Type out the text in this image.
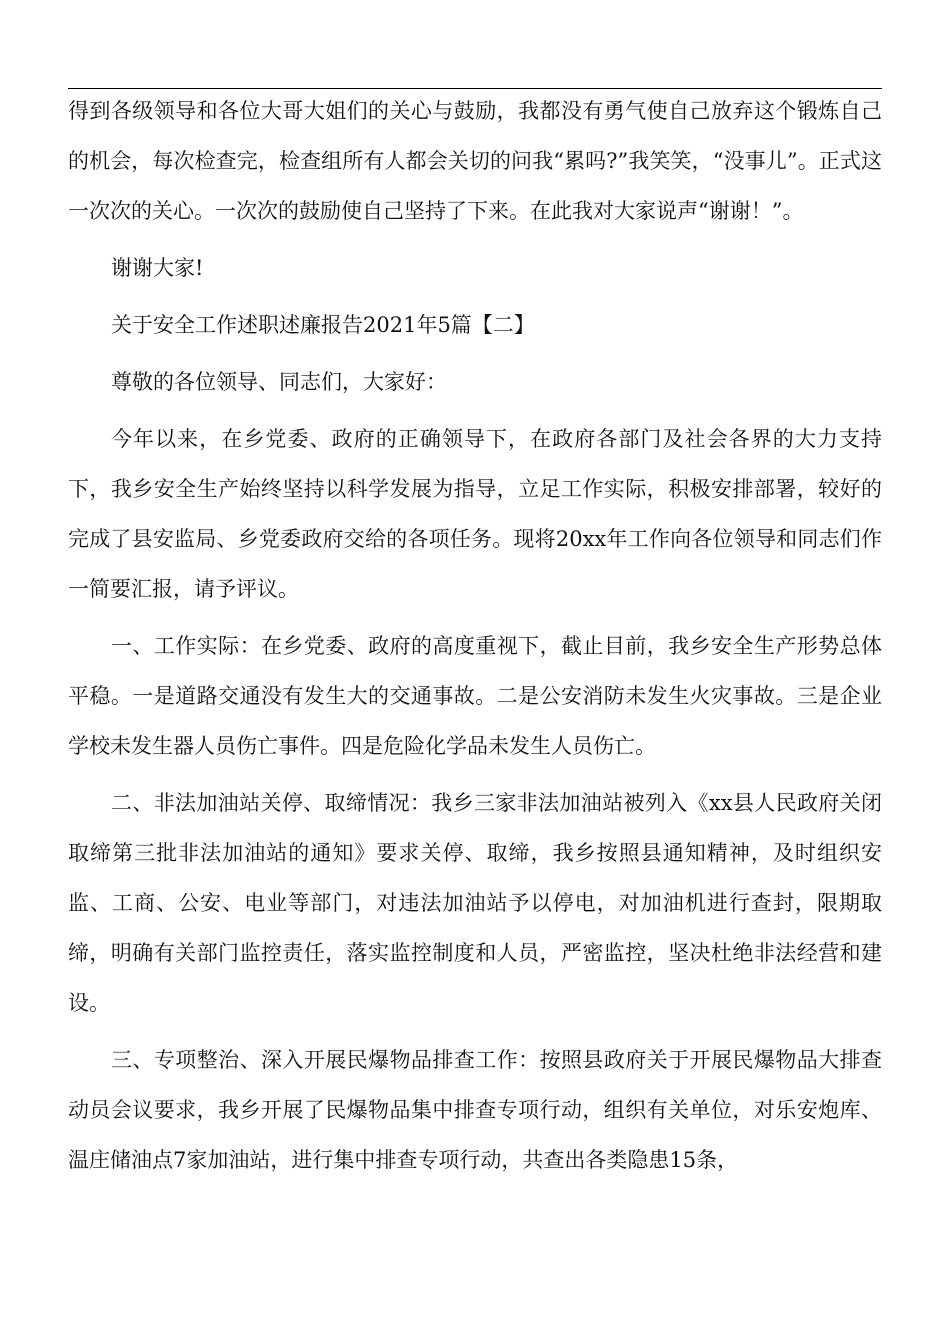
得到各级领导和各位大哥大姐们的关心与鼓励，我都没有勇气使自己放弃这个锻炼自己的机会，每次检查完，检查组所有人都会关切的问我“累吗?”我笑笑，“没事儿”。正式这一次次的关心。一次次的鼓励使自己坚持了下来。在此我对大家说声“谢谢！”。

谢谢大家!

关于安全工作述职述廉报告2021年5篇【二】

尊敬的各位领导、同志们，大家好：

今年以来，在乡党委、政府的正确领导下，在政府各部门及社会各界的大力支持下，我乡安全生产始终坚持以科学发展为指导，立足工作实际，积极安排部署，较好的完成了县安监局、乡党委政府交给的各项任务。现将20xx年工作向各位领导和同志们作一简要汇报，请予评议。

一、工作实际：在乡党委、政府的高度重视下，截止目前，我乡安全生产形势总体平稳。一是道路交通没有发生大的交通事故。二是公安消防未发生火灾事故。三是企业学校未发生器人员伤亡事件。四是危险化学品未发生人员伤亡。

二、非法加油站关停、取缔情况：我乡三家非法加油站被列入《xx县人民政府关闭取缔第三批非法加油站的通知》要求关停、取缔，我乡按照县通知精神，及时组织安监、工商、公安、电业等部门，对违法加油站予以停电，对加油机进行查封，限期取缔，明确有关部门监控责任，落实监控制度和人员，严密监控，坚决杜绝非法经营和建设。

三、专项整治、深入开展民爆物品排查工作：按照县政府关于开展民爆物品大排查动员会议要求，我乡开展了民爆物品集中排查专项行动，组织有关单位，对乐安炮库、温庄储油点7家加油站，进行集中排查专项行动，共查出各类隐患15条，
